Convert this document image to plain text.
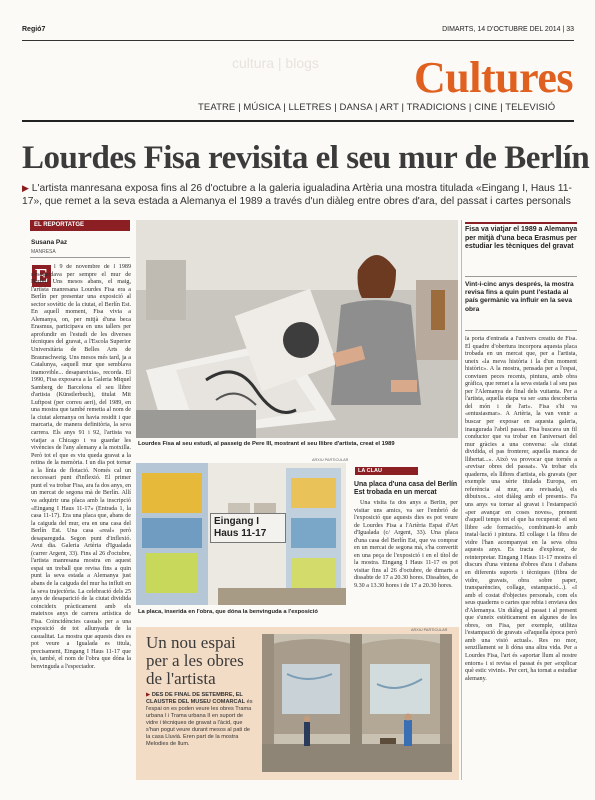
Regió7	DIMARTS, 14 D'OCTUBRE DEL 2014 | 33
cultura | blogs Cultures
TEATRE | MÚSICA | LLETRES | DANSA | ART | TRADICIONS | CINE | TELEVISIÓ
Lourdes Fisa revisita el seu mur de Berlín
▶ L'artista manresana exposa fins al 26 d'octubre a la galeria igualadina Artèria una mostra titulada «Eingang I, Haus 11-17», que remet a la seva estada a Alemanya el 1989 a través d'un diàleg entre obres d'ara, del passat i cartes personals
EL REPORTATGE
Susana Paz
MANRESA
E l 9 de novembre de l 1989 s'esquerdava per sempre el mur de Berlín. Uns mesos abans, el maig, l'artista manresana Lourdes Fisa era a Berlín per presentar una exposició al sector soviètic de la ciutat, el Berlín Est. En aquell moment, Fisa vivia a Alemanya, on, per mitjà d'una beca Erasmus, participava en uns tallers per aprofundir en l'estudi de les diverses tècniques del gravat, a l'Escola Superior Universitària de Belles Arts de Braunschweig. Uns mesos més tard, ja a Catalunya, «aquell mur que semblava inamovible... desapareixia», recorda. El 1990, Fisa exposava a la Galeria Miquel Samberg de Barcelona el seu llibre d'artista (Künstlerbuch), titulat Mit Luftpost (per correu aeri), del 1989, en una mostra que també remetia al nom de la ciutat alemanya on havia residit i que marcaria, de manera definitòria, la seva carrera. Els anys 91 i 92, l'artista va viatjar a Chicago i va guardar les vivències de l'any alemany a la motxilla. Però tot el que es viu queda gravat a la retina de la memòria. I un dia pot tornar a la línia de flotació. Només cal un neccessari punt d'inflexió. El primer punt el va trobar Fisa, ara fa dos anys, en un mercat de segona mà de Berlín. Allí va adquirir una placa amb la inscripció «Eingang I Haus 11-17» (Entrada 1, la casa 11-17). Era una placa que, abans de la caiguda del mur, era en una casa del Berlín Est. Una casa «real» però desapareguda. Segon punt d'inflexió. Avui dia. Galeria Artèria d'Igualada (carrer Argent, 33). Fins al 26 d'octubre, l'artista manresana mostra en aquest espai un treball que revisa fins a quin punt la seva estada a Alemanya just abans de la caiguda del mur ha influït en la seva trajectòria. La celebració dels 25 anys de desaparició de la ciutat dividida coincideix pràcticament amb els mateixos anys de carrera artística de Fisa. Coincidències casuals per a una exposició de tot allunyada de la casualitat. La mostra que aquests dies es pot veure a Igualada es titula, precisament, Eingang I Haus 11-17 que és, també, el nom de l'obra que dóna la benvinguda a l'espectador.
Lourdes Fisa al seu estudi, al passeig de Pere III, mostrant el seu llibre d'artista, creat el 1989
ARXIU PARTICULAR
Eingang I
Haus 11-17
La placa, inserida en l'obra, que dóna la benvinguda a l'exposició
LA CLAU
Una placa d'una casa del Berlín Est trobada en un mercat
Una visita fa dos anys a Berlín, per visitar uns amics, va ser l'embrió de l'exposició que aquests dies es pot veure de Lourdes Fisa a l'Artèria Espai d'Art d'Igualada (c/ Argent, 33). Una placa d'una casa del Berlín Est, que va comprar en un mercat de segona mà, s'ha convertit en una peça de l'exposició i en el títol de la mostra. Eingang I Haus 11-17 es pot visitar fins al 26 d'octubre, de dimarts a dissabte de 17 a 20.30 hores. Dissabtes, de 9.30 a 13.30 hores i de 17 a 20.30 hores.
Fisa va viatjar el 1989 a Alemanya per mitjà d'una beca Erasmus per estudiar les tècniques del gravat
Vint-i-cinc anys després, la mostra revisa fins a quin punt l'estada al país germànic va influir en la seva obra
la porta d'entrada a l'univers creatiu de Fisa. El quadre d'obertura incorpora aquesta placa trobada en un mercat que, per a l'artista, uneix «la meva història i la d'un moment històric». A la mostra, pensada per a l'espai, conviuen peces recents, pintura, amb obra gràfica, que remet a la seva estada i al seu pas per l'Alemanya de final dels vuitanta. Per a l'artista, aquella etapa va ser «una descoberta del món i de l'art». Fisa s'hi va «entusiasmar». A Artèria, la van venir a buscar per exposar en aquesta galeria, inaugurada l'abril passat. Fisa buscava un fil conductor que va trobar en l'aniversari del mur gràcies a una conversa: «la ciutat dividida, el pas fronterer, aquella manca de llibertat...». Això va provocar que tornés a «revisar obres del passat». Va trobar els quaderns, els llibres d'artista, els gravats (per exemple una sèrie titulada Europa, en referència al mur, ara revisada), els dibuixos... «tot diàleg amb el present». Fa uns anys va tornar al gravat i l'estampació «per avançar en coses noves», prenent d'aquell temps tot el que ha recuperat: el seu llibre «de formació», combinant-lo amb instal·lació i pintura. El collage i la fibra de vidre l'han acompanyat en la seva obra aquests anys. Es tracta d'explorar, de reinterpretar. Eingang I Haus 11-17 mostra el discurs d'una vintena d'obres d'ara i d'abans en diferents suports i tècniques (fibra de vidre, gravats, obra sobre paper, transparències, collage, estampació...). «I amb el costat d'objectes personals, com els seus quaderns o cartes que rebia i enviava des d'Alemanya. Un diàleg al passat i al present que s'uneix estèticament en algunes de les obres, on Fisa, per exemple, utilitza l'estampació de gravats «d'aquella època però amb una visió actual». Res no mor, senzillament se li dóna una altra vida. Per a Lourdes Fisa, l'art és «aportar llum al nostre entorn» i si revisa el passat és per «explicar què estic vivint». Per cert, ha tornat a estudiar alemany.
Un nou espai per a les obres de l'artista
▶ DES DE FINAL DE SETEMBRE, EL CLAUSTRE DEL MUSEU COMARCAL és l'espai on es poden veure les obres Trama urbana I i Trama urbana II en suport de vidre i tècniques de gravat a l'àcid, que s'han pogut veure durant mesos al pati de la casa Lluvià. Eren part de la mostra Melodies de llum.
ARXIU PARTICULAR
